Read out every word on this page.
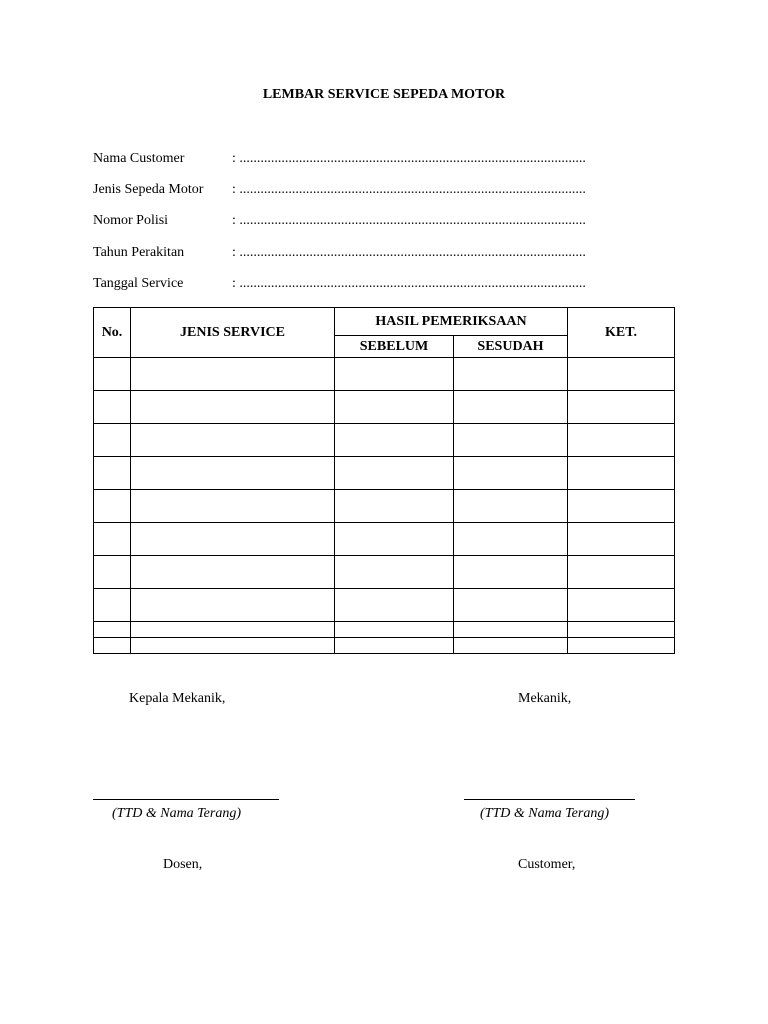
LEMBAR SERVICE SEPEDA MOTOR
Nama Customer	: ...................................................................................................
Jenis Sepeda Motor : ...................................................................................................
Nomor Polisi	: ...................................................................................................
Tahun Perakitan	: ...................................................................................................
Tanggal Service	: ...................................................................................................
No.	JENIS SERVICE	HASIL PEMERIKSAAN		KET.
		SEBELUM	SESUDAH	

Kepala Mekanik,	Mekanik,
(TTD & Nama Terang)	(TTD & Nama Terang)
Dosen,	Customer,
